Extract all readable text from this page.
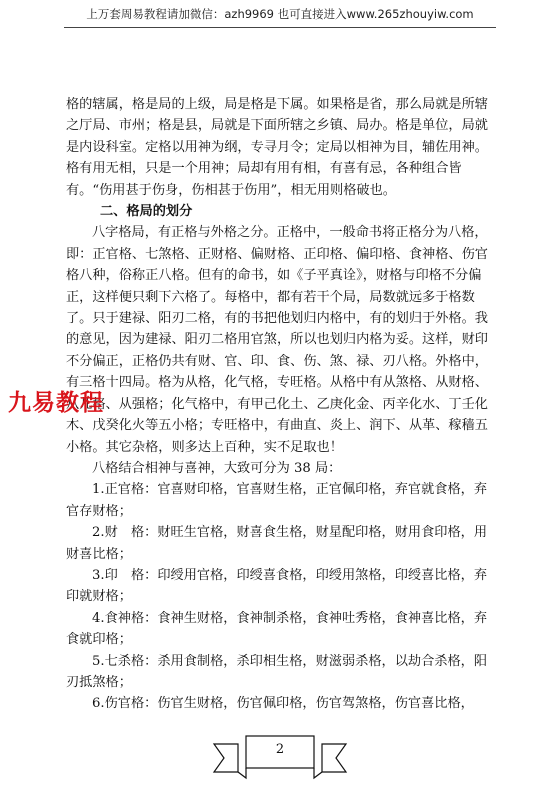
上万套周易教程请加微信：azh9969 也可直接进入www.265zhouyiw.com

格的辖属，格是局的上级，局是格是下属。如果格是省，那么局就是所辖之厅局、市州；格是县，局就是下面所辖之乡镇、局办。格是单位，局就是内设科室。定格以用神为纲，专寻月令；定局以相神为目，辅佐用神。格有用无相，只是一个用神；局却有用有相，有喜有忌，各种组合皆有。“伤用甚于伤身，伤相甚于伤用”，相无用则格破也。

二、格局的划分

八字格局，有正格与外格之分。正格中，一般命书将正格分为八格，即：正官格、七煞格、正财格、偏财格、正印格、偏印格、食神格、伤官格八种，俗称正八格。但有的命书，如《子平真诠》，财格与印格不分偏正，这样便只剩下六格了。每格中，都有若干个局，局数就远多于格数了。只于建禄、阳刃二格，有的书把他划归内格中，有的划归于外格。我的意见，因为建禄、阳刃二格用官煞，所以也划归内格为妥。这样，财印不分偏正，正格仍共有财、官、印、食、伤、煞、禄、刃八格。外格中，有三格十四局。格为从格，化气格，专旺格。从格中有从煞格、从财格、从儿格、从强格；化气格中，有甲己化土、乙庚化金、丙辛化水、丁壬化木、戊癸化火等五小格；专旺格中，有曲直、炎上、润下、从革、稼穑五小格。其它杂格，则多达上百种，实不足取也！

八格结合相神与喜神，大致可分为 38 局：

1.正官格：官喜财印格，官喜财生格，正官佩印格，弃官就食格，弃官存财格；

2.财　格：财旺生官格，财喜食生格，财星配印格，财用食印格，用财喜比格；

3.印　格：印绶用官格，印绶喜食格，印绶用煞格，印绶喜比格，弃印就财格；

4.食神格：食神生财格，食神制杀格，食神吐秀格，食神喜比格，弃食就印格；

5.七杀格：杀用食制格，杀印相生格，财滋弱杀格，以劫合杀格，阳刃抵煞格；

6.伤官格：伤官生财格，伤官佩印格，伤官驾煞格，伤官喜比格，

九易教程
2
